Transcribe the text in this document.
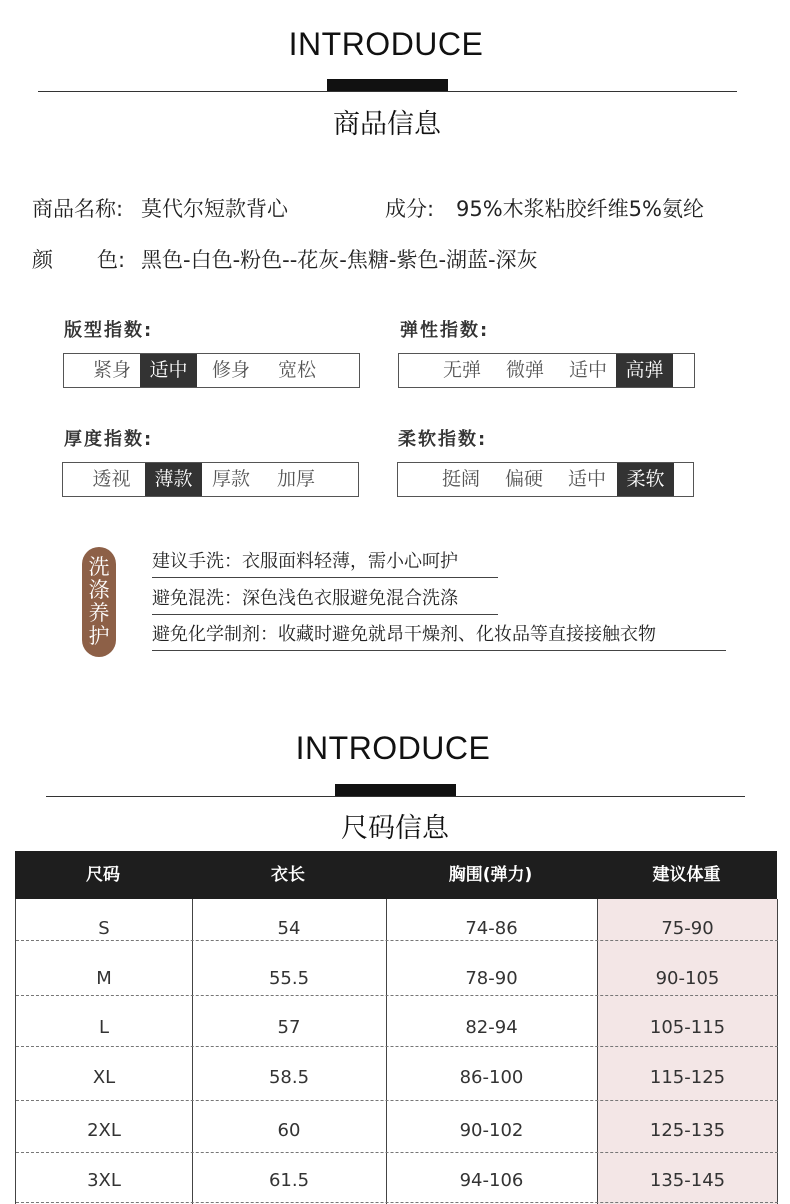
INTRODUCE
商品信息
商品名称: 莫代尔短款背心	成分: 95%木浆粘胶纤维5%氨纶
颜 色: 黑色-白色-粉色--花灰-焦糖-紫色-湖蓝-深灰
版型指数:
紧身 适中	修身	宽松
弹性指数:
无弹	微弹	适中 高弹
厚度指数:
透视	薄款	厚款	加厚
柔软指数:
挺阔	偏硬	适中	柔软
洗
涤
养
护
建议手洗：衣服面料轻薄，需小心呵护
避免混洗：深色浅色衣服避免混合洗涤
避免化学制剂：收藏时避免就昂干燥剂、化妆品等直接接触衣物
INTRODUCE
尺码信息
尺码	衣长	胸围(弹力)	建议体重
S	54	74-86	75-90
M	55.5	78-90	90-105
L	57	82-94	105-115
XL	58.5	86-100	115-125
2XL	60	90-102	125-135
3XL	61.5	94-106	135-145
